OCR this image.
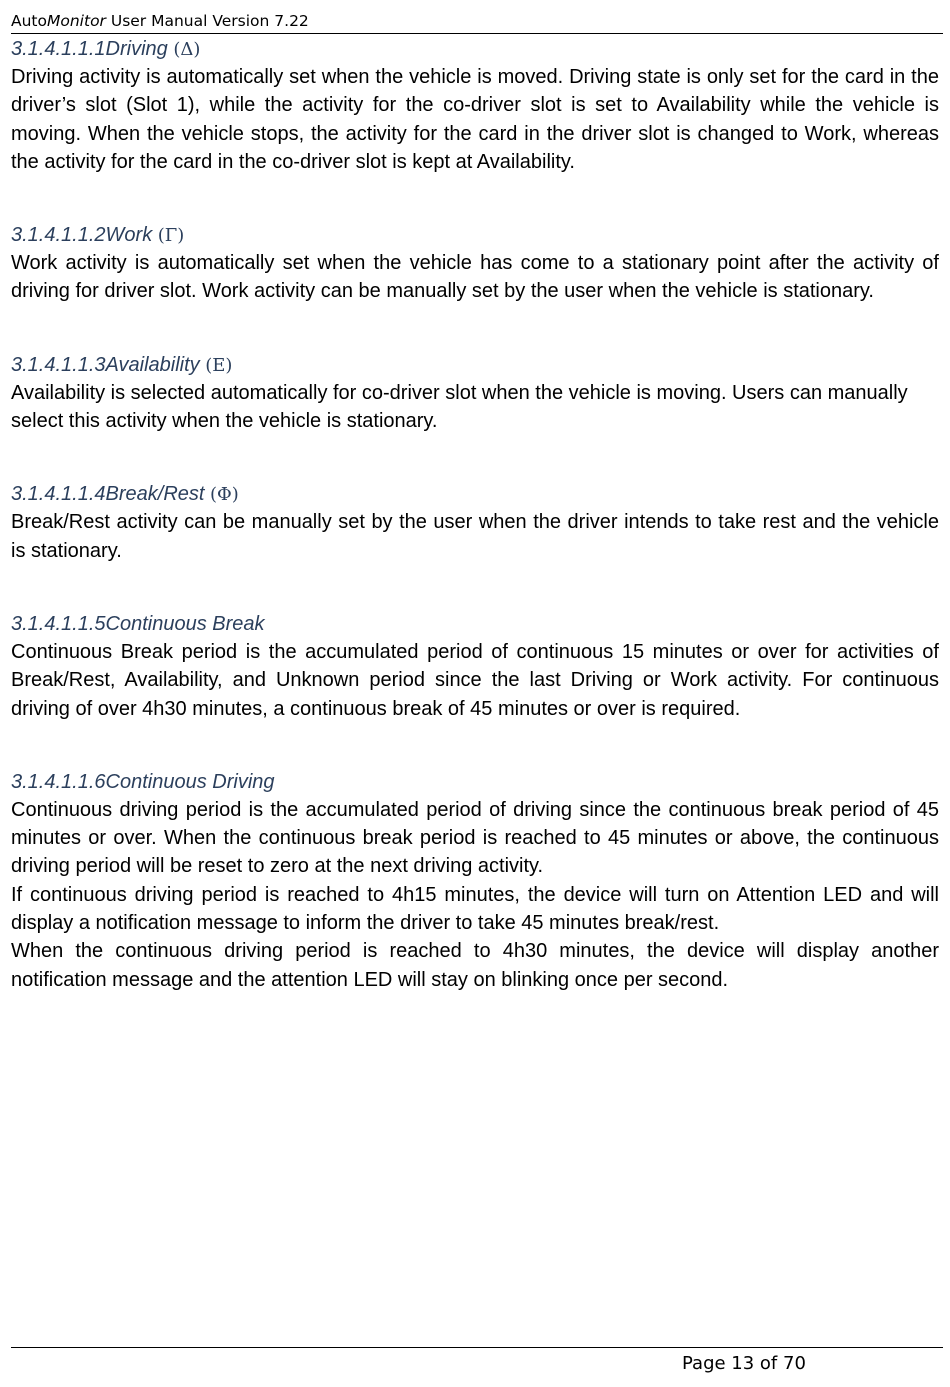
AutoMonitor User Manual Version 7.22

3.1.4.1.1.1Driving (Δ)

Driving activity is automatically set when the vehicle is moved. Driving state is only set for the card in the driver’s slot (Slot 1), while the activity for the co-driver slot is set to Availability while the vehicle is moving. When the vehicle stops, the activity for the card in the driver slot is changed to Work, whereas the activity for the card in the co-driver slot is kept at Availability.

3.1.4.1.1.2Work (Γ)

Work activity is automatically set when the vehicle has come to a stationary point after the activity of driving for driver slot. Work activity can be manually set by the user when the vehicle is stationary.

3.1.4.1.1.3Availability (Ε)

Availability is selected automatically for co-driver slot when the vehicle is moving. Users can manually select this activity when the vehicle is stationary.

3.1.4.1.1.4Break/Rest (Φ)

Break/Rest activity can be manually set by the user when the driver intends to take rest and the vehicle is stationary.

3.1.4.1.1.5Continuous Break

Continuous Break period is the accumulated period of continuous 15 minutes or over for activities of Break/Rest, Availability, and Unknown period since the last Driving or Work activity. For continuous driving of over 4h30 minutes, a continuous break of 45 minutes or over is required.

3.1.4.1.1.6Continuous Driving

Continuous driving period is the accumulated period of driving since the continuous break period of 45 minutes or over. When the continuous break period is reached to 45 minutes or above, the continuous driving period will be reset to zero at the next driving activity.

If continuous driving period is reached to 4h15 minutes, the device will turn on Attention LED and will display a notification message to inform the driver to take 45 minutes break/rest.

When the continuous driving period is reached to 4h30 minutes, the device will display another notification message and the attention LED will stay on blinking once per second.

Page 13 of 70
